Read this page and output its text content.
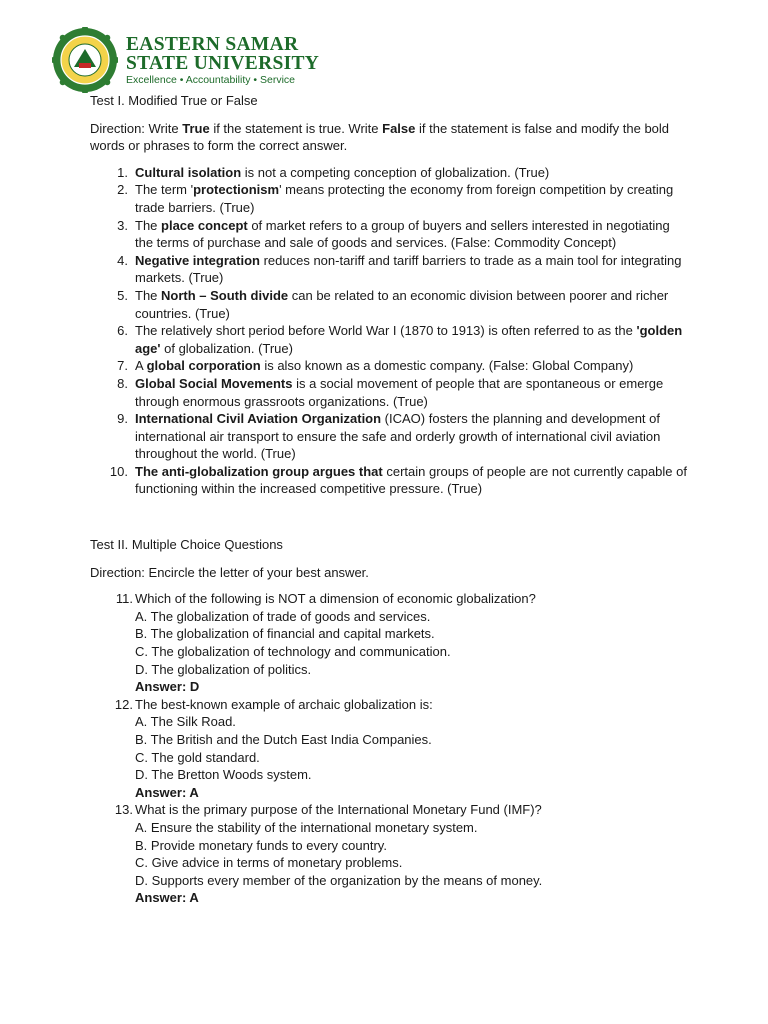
EASTERN SAMAR
STATE UNIVERSITY
Excellence • Accountability • Service
Test I. Modified True or False
Direction: Write True if the statement is true. Write False if the statement is false and modify the bold words or phrases to form the correct answer.
1. Cultural isolation is not a competing conception of globalization. (True)
2. The term 'protectionism' means protecting the economy from foreign competition by creating trade barriers. (True)
3. The place concept of market refers to a group of buyers and sellers interested in negotiating the terms of purchase and sale of goods and services. (False: Commodity Concept)
4. Negative integration reduces non-tariff and tariff barriers to trade as a main tool for integrating markets. (True)
5. The North – South divide can be related to an economic division between poorer and richer countries. (True)
6. The relatively short period before World War I (1870 to 1913) is often referred to as the 'golden age' of globalization. (True)
7. A global corporation is also known as a domestic company. (False: Global Company)
8. Global Social Movements is a social movement of people that are spontaneous or emerge through enormous grassroots organizations. (True)
9. International Civil Aviation Organization (ICAO) fosters the planning and development of international air transport to ensure the safe and orderly growth of international civil aviation throughout the world. (True)
10. The anti-globalization group argues that certain groups of people are not currently capable of functioning within the increased competitive pressure. (True)
Test II. Multiple Choice Questions
Direction: Encircle the letter of your best answer.
11. Which of the following is NOT a dimension of economic globalization?
A. The globalization of trade of goods and services.
B. The globalization of financial and capital markets.
C. The globalization of technology and communication.
D. The globalization of politics.
Answer: D
12. The best-known example of archaic globalization is:
A. The Silk Road.
B. The British and the Dutch East India Companies.
C. The gold standard.
D. The Bretton Woods system.
Answer: A
13. What is the primary purpose of the International Monetary Fund (IMF)?
A. Ensure the stability of the international monetary system.
B. Provide monetary funds to every country.
C. Give advice in terms of monetary problems.
D. Supports every member of the organization by the means of money.
Answer: A
